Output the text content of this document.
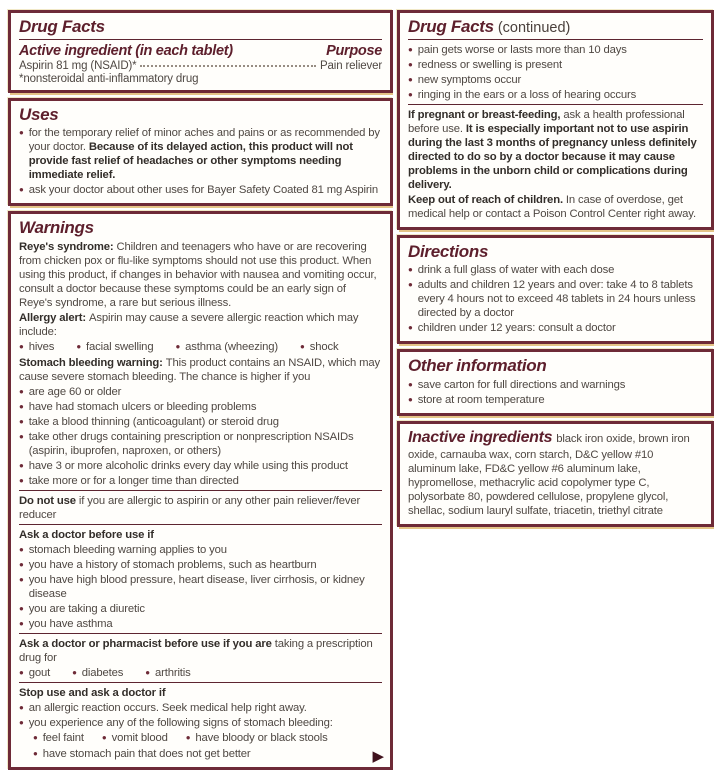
Drug Facts
Active ingredient (in each tablet)	Purpose
Aspirin 81 mg (NSAID)*	Pain reliever
*nonsteroidal anti-inflammatory drug
Uses
● for the temporary relief of minor aches and pains or as recommended by your doctor. Because of its delayed action, this product will not provide fast relief of headaches or other symptoms needing immediate relief.
● ask your doctor about other uses for Bayer Safety Coated 81 mg Aspirin
Warnings
Reye's syndrome: Children and teenagers who have or are recovering from chicken pox or flu-like symptoms should not use this product. When using this product, if changes in behavior with nausea and vomiting occur, consult a doctor because these symptoms could be an early sign of Reye's syndrome, a rare but serious illness.
Allergy alert: Aspirin may cause a severe allergic reaction which may include:
● hives	● facial swelling	● asthma (wheezing)	● shock
Stomach bleeding warning: This product contains an NSAID, which may cause severe stomach bleeding. The chance is higher if you
● are age 60 or older
● have had stomach ulcers or bleeding problems
● take a blood thinning (anticoagulant) or steroid drug
● take other drugs containing prescription or nonprescription NSAIDs (aspirin, ibuprofen, naproxen, or others)
● have 3 or more alcoholic drinks every day while using this product
● take more or for a longer time than directed
Do not use if you are allergic to aspirin or any other pain reliever/fever reducer
Ask a doctor before use if
● stomach bleeding warning applies to you
● you have a history of stomach problems, such as heartburn
● you have high blood pressure, heart disease, liver cirrhosis, or kidney disease
● you are taking a diuretic
● you have asthma
Ask a doctor or pharmacist before use if you are taking a prescription drug for
● gout	● diabetes	● arthritis
Stop use and ask a doctor if
● an allergic reaction occurs. Seek medical help right away.
● you experience any of the following signs of stomach bleeding:
● feel faint ● vomit blood ● have bloody or black stools
● have stomach pain that does not get better	▶
Drug Facts (continued)
● pain gets worse or lasts more than 10 days
● redness or swelling is present
● new symptoms occur
● ringing in the ears or a loss of hearing occurs
If pregnant or breast-feeding, ask a health professional before use. It is especially important not to use aspirin during the last 3 months of pregnancy unless definitely directed to do so by a doctor because it may cause problems in the unborn child or complications during delivery.
Keep out of reach of children. In case of overdose, get medical help or contact a Poison Control Center right away.
Directions
● drink a full glass of water with each dose
● adults and children 12 years and over: take 4 to 8 tablets every 4 hours not to exceed 48 tablets in 24 hours unless directed by a doctor
● children under 12 years: consult a doctor
Other information
● save carton for full directions and warnings
● store at room temperature
Inactive ingredients black iron oxide, brown iron oxide, carnauba wax, corn starch, D&C yellow #10 aluminum lake, FD&C yellow #6 aluminum lake, hypromellose, methacrylic acid copolymer type C, polysorbate 80, powdered cellulose, propylene glycol, shellac, sodium lauryl sulfate, triacetin, triethyl citrate
